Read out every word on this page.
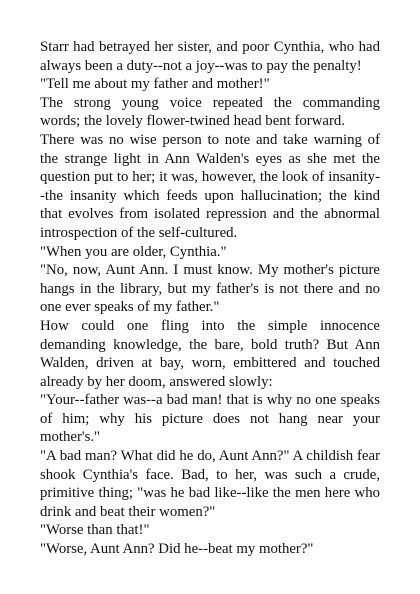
Starr had betrayed her sister, and poor Cynthia, who had always been a duty--not a joy--was to pay the penalty!

"Tell me about my father and mother!"

The strong young voice repeated the commanding words; the lovely flower-twined head bent forward.

There was no wise person to note and take warning of the strange light in Ann Walden's eyes as she met the question put to her; it was, however, the look of insanity--the insanity which feeds upon hallucination; the kind that evolves from isolated repression and the abnormal introspection of the self-cultured.

"When you are older, Cynthia."

"No, now, Aunt Ann. I must know. My mother's picture hangs in the library, but my father's is not there and no one ever speaks of my father."

How could one fling into the simple innocence demanding knowledge, the bare, bold truth? But Ann Walden, driven at bay, worn, embittered and touched already by her doom, answered slowly:

"Your--father was--a bad man! that is why no one speaks of him; why his picture does not hang near your mother's."

"A bad man? What did he do, Aunt Ann?" A childish fear shook Cynthia's face. Bad, to her, was such a crude, primitive thing; "was he bad like--like the men here who drink and beat their women?"

"Worse than that!"

"Worse, Aunt Ann? Did he--beat my mother?"
